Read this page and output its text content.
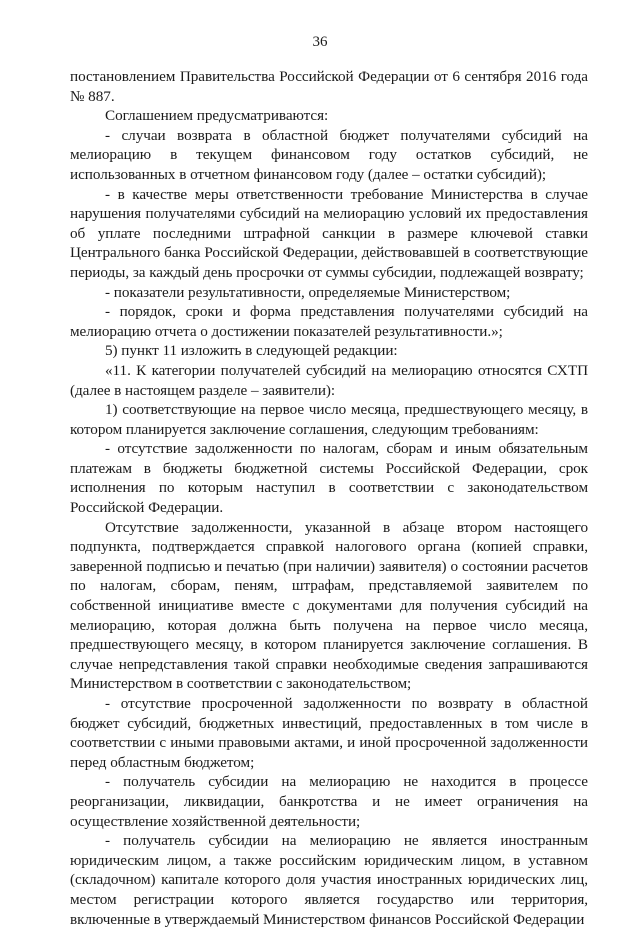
36

постановлением Правительства Российской Федерации от 6 сентября 2016 года № 887.

Соглашением предусматриваются:

- случаи возврата в областной бюджет получателями субсидий на мелиорацию в текущем финансовом году остатков субсидий, не использованных в отчетном финансовом году (далее – остатки субсидий);

- в качестве меры ответственности требование Министерства в случае нарушения получателями субсидий на мелиорацию условий их предоставления об уплате последними штрафной санкции в размере ключевой ставки Центрального банка Российской Федерации, действовавшей в соответствующие периоды, за каждый день просрочки от суммы субсидии, подлежащей возврату;

- показатели результативности, определяемые Министерством;

- порядок, сроки и форма представления получателями субсидий на мелиорацию отчета о достижении показателей результативности.»;

5) пункт 11 изложить в следующей редакции:

«11. К категории получателей субсидий на мелиорацию относятся СХТП (далее в настоящем разделе – заявители):

1) соответствующие на первое число месяца, предшествующего месяцу, в котором планируется заключение соглашения, следующим требованиям:

- отсутствие задолженности по налогам, сборам и иным обязательным платежам в бюджеты бюджетной системы Российской Федерации, срок исполнения по которым наступил в соответствии с законодательством Российской Федерации.

Отсутствие задолженности, указанной в абзаце втором настоящего подпункта, подтверждается справкой налогового органа (копией справки, заверенной подписью и печатью (при наличии) заявителя) о состоянии расчетов по налогам, сборам, пеням, штрафам, представляемой заявителем по собственной инициативе вместе с документами для получения субсидий на мелиорацию, которая должна быть получена на первое число месяца, предшествующего месяцу, в котором планируется заключение соглашения. В случае непредставления такой справки необходимые сведения запрашиваются Министерством в соответствии с законодательством;

- отсутствие просроченной задолженности по возврату в областной бюджет субсидий, бюджетных инвестиций, предоставленных в том числе в соответствии с иными правовыми актами, и иной просроченной задолженности перед областным бюджетом;

- получатель субсидии на мелиорацию не находится в процессе реорганизации, ликвидации, банкротства и не имеет ограничения на осуществление хозяйственной деятельности;

- получатель субсидии на мелиорацию не является иностранным юридическим лицом, а также российским юридическим лицом, в уставном (складочном) капитале которого доля участия иностранных юридических лиц, местом регистрации которого является государство или территория, включенные в утверждаемый Министерством финансов Российской Федерации
